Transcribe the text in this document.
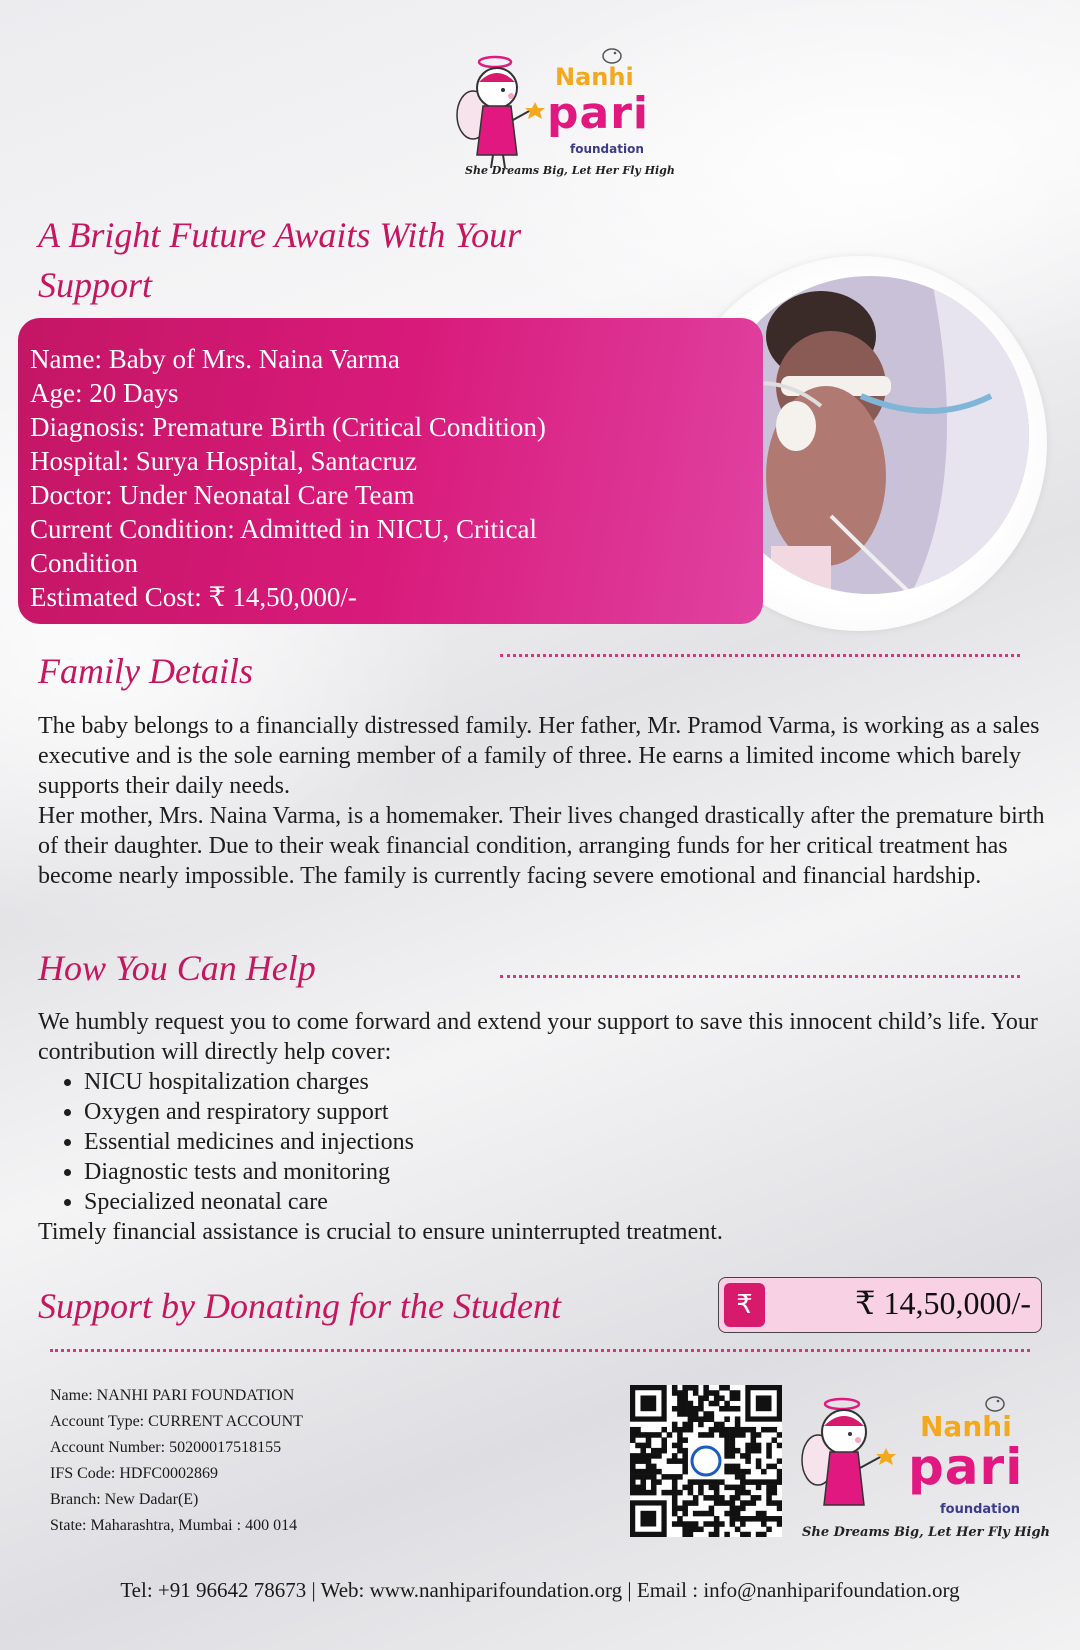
Nanhi
pari
foundation
She Dreams Big, Let Her Fly High
A Bright Future Awaits With Your Support
Name: Baby of Mrs. Naina Varma
Age: 20 Days
Diagnosis: Premature Birth (Critical Condition)
Hospital: Surya Hospital, Santacruz
Doctor: Under Neonatal Care Team
Current Condition: Admitted in NICU, Critical Condition
Estimated Cost: ₹ 14,50,000/-
Family Details

The baby belongs to a financially distressed family. Her father, Mr. Pramod Varma, is working as a sales executive and is the sole earning member of a family of three. He earns a limited income which barely supports their daily needs.

Her mother, Mrs. Naina Varma, is a homemaker. Their lives changed drastically after the premature birth of their daughter. Due to their weak financial condition, arranging funds for her critical treatment has become nearly impossible. The family is currently facing severe emotional and financial hardship.

How You Can Help

We humbly request you to come forward and extend your support to save this innocent child’s life. Your contribution will directly help cover:

• NICU hospitalization charges
• Oxygen and respiratory support
• Essential medicines and injections
• Diagnostic tests and monitoring
• Specialized neonatal care

Timely financial assistance is crucial to ensure uninterrupted treatment.

Support by Donating for the Student	₹	₹ 14,50,000/-
Name: NANHI PARI FOUNDATION
Account Type: CURRENT ACCOUNT
Account Number: 50200017518155
IFS Code: HDFC0002869
Branch: New Dadar(E)
State: Maharashtra, Mumbai : 400 014
Nanhi
pari
foundation
She Dreams Big, Let Her Fly High
Tel: +91 96642 78673 | Web: www.nanhiparifoundation.org | Email : info@nanhiparifoundation.org
